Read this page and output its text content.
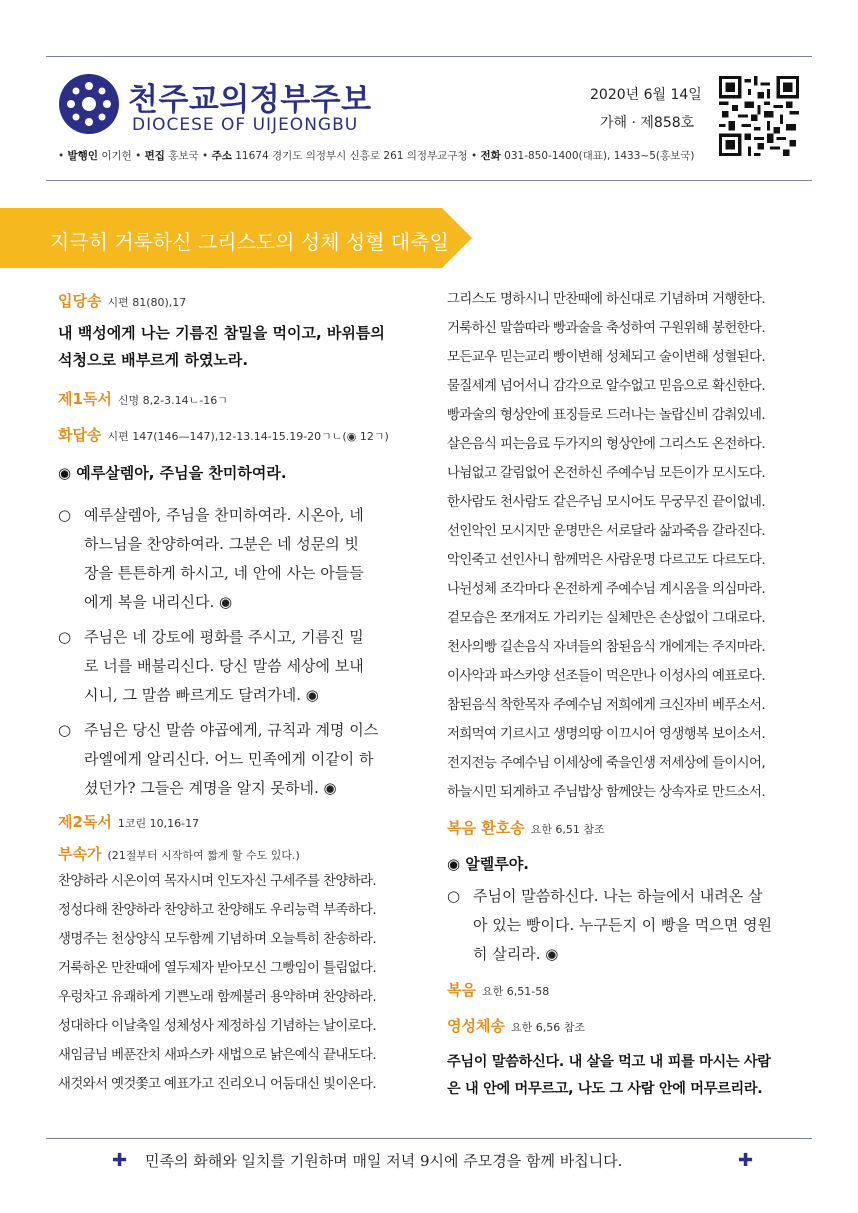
천주교의정부주보
DIOCESE OF UIJEONGBU
2020년 6월 14일
가해 · 제858호
• 발행인 이기헌 • 편집 홍보국 • 주소 11674 경기도 의정부시 신흥로 261 의정부교구청 • 전화 031-850-1400(대표), 1433~5(홍보국)
지극히 거룩하신 그리스도의 성체 성혈 대축일
입당송 시편 81(80),17
내 백성에게 나는 기름진 참밀을 먹이고, 바위틈의
석청으로 배부르게 하였노라.
제1독서 신명 8,2-3.14ㄴ-16ㄱ
화답송 시편 147(146—147),12-13.14-15.19-20ㄱㄴ(◉ 12ㄱ)
◉ 예루살렘아, 주님을 찬미하여라.
○ 예루살렘아, 주님을 찬미하여라. 시온아, 네
하느님을 찬양하여라. 그분은 네 성문의 빗
장을 튼튼하게 하시고, 네 안에 사는 아들들
에게 복을 내리신다. ◉
○ 주님은 네 강토에 평화를 주시고, 기름진 밀
로 너를 배불리신다. 당신 말씀 세상에 보내
시니, 그 말씀 빠르게도 달려가네. ◉
○ 주님은 당신 말씀 야곱에게, 규칙과 계명 이스
라엘에게 알리신다. 어느 민족에게 이같이 하
셨던가? 그들은 계명을 알지 못하네. ◉
제2독서 1코린 10,16-17
부속가 (21절부터 시작하여 짧게 할 수도 있다.)
찬양하라 시온이여 목자시며 인도자신 구세주를 찬양하라.
정성다해 찬양하라 찬양하고 찬양해도 우리능력 부족하다.
생명주는 천상양식 모두함께 기념하며 오늘특히 찬송하라.
거룩하온 만찬때에 열두제자 받아모신 그빵임이 틀림없다.
우렁차고 유쾌하게 기쁜노래 함께불러 용약하며 찬양하라.
성대하다 이날축일 성체성사 제정하심 기념하는 날이로다.
새임금님 베푼잔치 새파스카 새법으로 낡은예식 끝내도다.
새것와서 옛것쫓고 예표가고 진리오니 어둠대신 빛이온다.
그리스도 명하시니 만찬때에 하신대로 기념하며 거행한다.
거룩하신 말씀따라 빵과술을 축성하여 구원위해 봉헌한다.
모든교우 믿는교리 빵이변해 성체되고 술이변해 성혈된다.
물질세계 넘어서니 감각으로 알수없고 믿음으로 확신한다.
빵과술의 형상안에 표징들로 드러나는 놀랍신비 감춰있네.
살은음식 피는음료 두가지의 형상안에 그리스도 온전하다.
나뉨없고 갈림없어 온전하신 주예수님 모든이가 모시도다.
한사람도 천사람도 같은주님 모시어도 무궁무진 끝이없네.
선인악인 모시지만 운명만은 서로달라 삶과죽음 갈라진다.
악인죽고 선인사니 함께먹은 사람운명 다르고도 다르도다.
나뉜성체 조각마다 온전하게 주예수님 계시옴을 의심마라.
겉모습은 쪼개져도 가리키는 실체만은 손상없이 그대로다.
천사의빵 길손음식 자녀들의 참된음식 개에게는 주지마라.
이사악과 파스카양 선조들이 먹은만나 이성사의 예표로다.
참된음식 착한목자 주예수님 저희에게 크신자비 베푸소서.
저희먹여 기르시고 생명의땅 이끄시어 영생행복 보이소서.
전지전능 주예수님 이세상에 죽을인생 저세상에 들이시어,
하늘시민 되게하고 주님밥상 함께앉는 상속자로 만드소서.
복음 환호송 요한 6,51 참조
◉ 알렐루야.
○ 주님이 말씀하신다. 나는 하늘에서 내려온 살
아 있는 빵이다. 누구든지 이 빵을 먹으면 영원
히 살리라. ◉
복음 요한 6,51-58
영성체송 요한 6,56 참조
주님이 말씀하신다. 내 살을 먹고 내 피를 마시는 사람
은 내 안에 머무르고, 나도 그 사람 안에 머무르리라.
✚ 민족의 화해와 일치를 기원하며 매일 저녁 9시에 주모경을 함께 바칩니다.	✚
